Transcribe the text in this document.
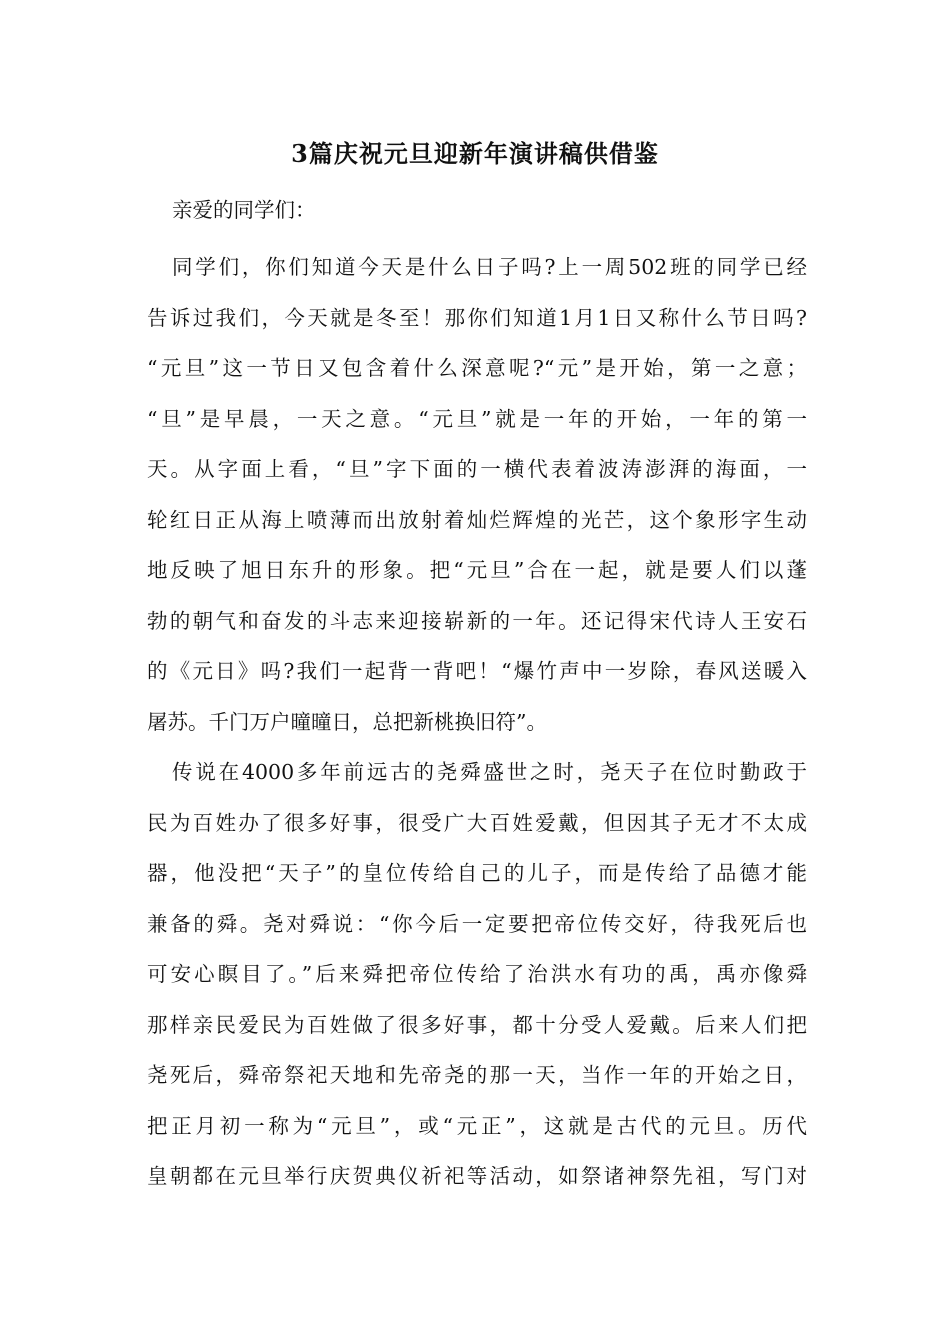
3篇庆祝元旦迎新年演讲稿供借鉴
亲爱的同学们：
同学们，你们知道今天是什么日子吗?上一周502班的同学已经
告诉过我们，今天就是冬至！那你们知道1月1日又称什么节日吗?
“元旦”这一节日又包含着什么深意呢?“元”是开始，第一之意；
“旦”是早晨，一天之意。“元旦”就是一年的开始，一年的第一
天。从字面上看，“旦”字下面的一横代表着波涛澎湃的海面，一
轮红日正从海上喷薄而出放射着灿烂辉煌的光芒，这个象形字生动
地反映了旭日东升的形象。把“元旦”合在一起，就是要人们以蓬
勃的朝气和奋发的斗志来迎接崭新的一年。还记得宋代诗人王安石
的《元日》吗?我们一起背一背吧！“爆竹声中一岁除，春风送暖入
屠苏。千门万户曈曈日，总把新桃换旧符”。
传说在4000多年前远古的尧舜盛世之时，尧天子在位时勤政于
民为百姓办了很多好事，很受广大百姓爱戴，但因其子无才不太成
器，他没把“天子”的皇位传给自己的儿子，而是传给了品德才能
兼备的舜。尧对舜说：“你今后一定要把帝位传交好，待我死后也
可安心瞑目了。”后来舜把帝位传给了治洪水有功的禹，禹亦像舜
那样亲民爱民为百姓做了很多好事，都十分受人爱戴。后来人们把
尧死后，舜帝祭祀天地和先帝尧的那一天，当作一年的开始之日，
把正月初一称为“元旦”，或“元正”，这就是古代的元旦。历代
皇朝都在元旦举行庆贺典仪祈祀等活动，如祭诸神祭先祖，写门对
